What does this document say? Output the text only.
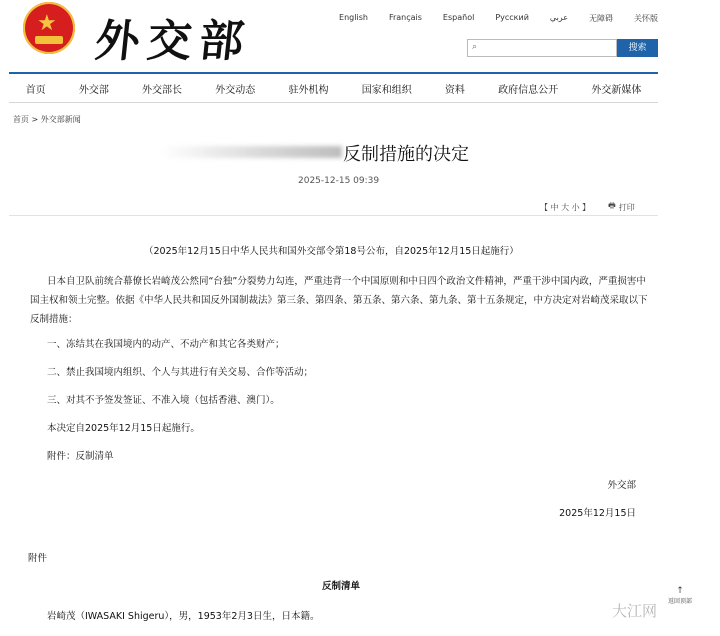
★ 外交部	English	Français	Español	Русский	عربي	无障碍	关怀版
⌕	搜索
首页	外交部	外交部长	外交动态	驻外机构	国家和组织	资料	政府信息公开	外交新媒体
首页 > 外交部新闻
反制措施的决定
2025-12-15 09:39
【 中 大 小 】 🖶 打印
（2025年12月15日中华人民共和国外交部令第18号公布，自2025年12月15日起施行）
日本自卫队前统合幕僚长岩崎茂公然同“台独”分裂势力勾连，严重违背一个中国原则和中日四个政治文件精神，严重干涉中国内政，严重损害中国主权和领土完整。依据《中华人民共和国反外国制裁法》第三条、第四条、第五条、第六条、第九条、第十五条规定，中方决定对岩崎茂采取以下反制措施：
一、冻结其在我国境内的动产、不动产和其它各类财产；
二、禁止我国境内组织、个人与其进行有关交易、合作等活动；
三、对其不予签发签证、不准入境（包括香港、澳门）。
本决定自2025年12月15日起施行。
附件：反制清单
外交部
2025年12月15日
附件
反制清单
岩崎茂（IWASAKI Shigeru），男，1953年2月3日生，日本籍。
↑
返回顶部
大江网
